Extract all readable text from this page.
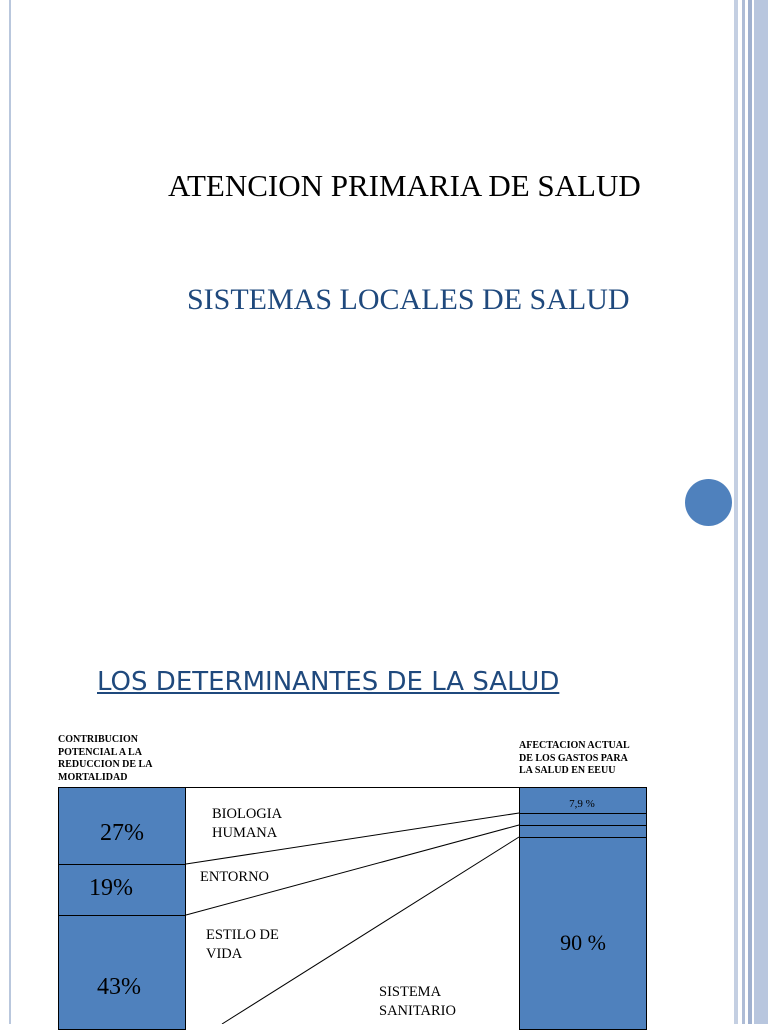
ATENCION PRIMARIA DE SALUD
SISTEMAS LOCALES DE SALUD
LOS DETERMINANTES DE LA SALUD
CONTRIBUCION
POTENCIAL A LA
REDUCCION DE LA
MORTALIDAD
AFECTACION ACTUAL
DE LOS GASTOS PARA
LA SALUD EN EEUU
27%
19%
43%
7,9 %
90 %
BIOLOGIA
HUMANA
ENTORNO
ESTILO DE
VIDA
SISTEMA
SANITARIO
